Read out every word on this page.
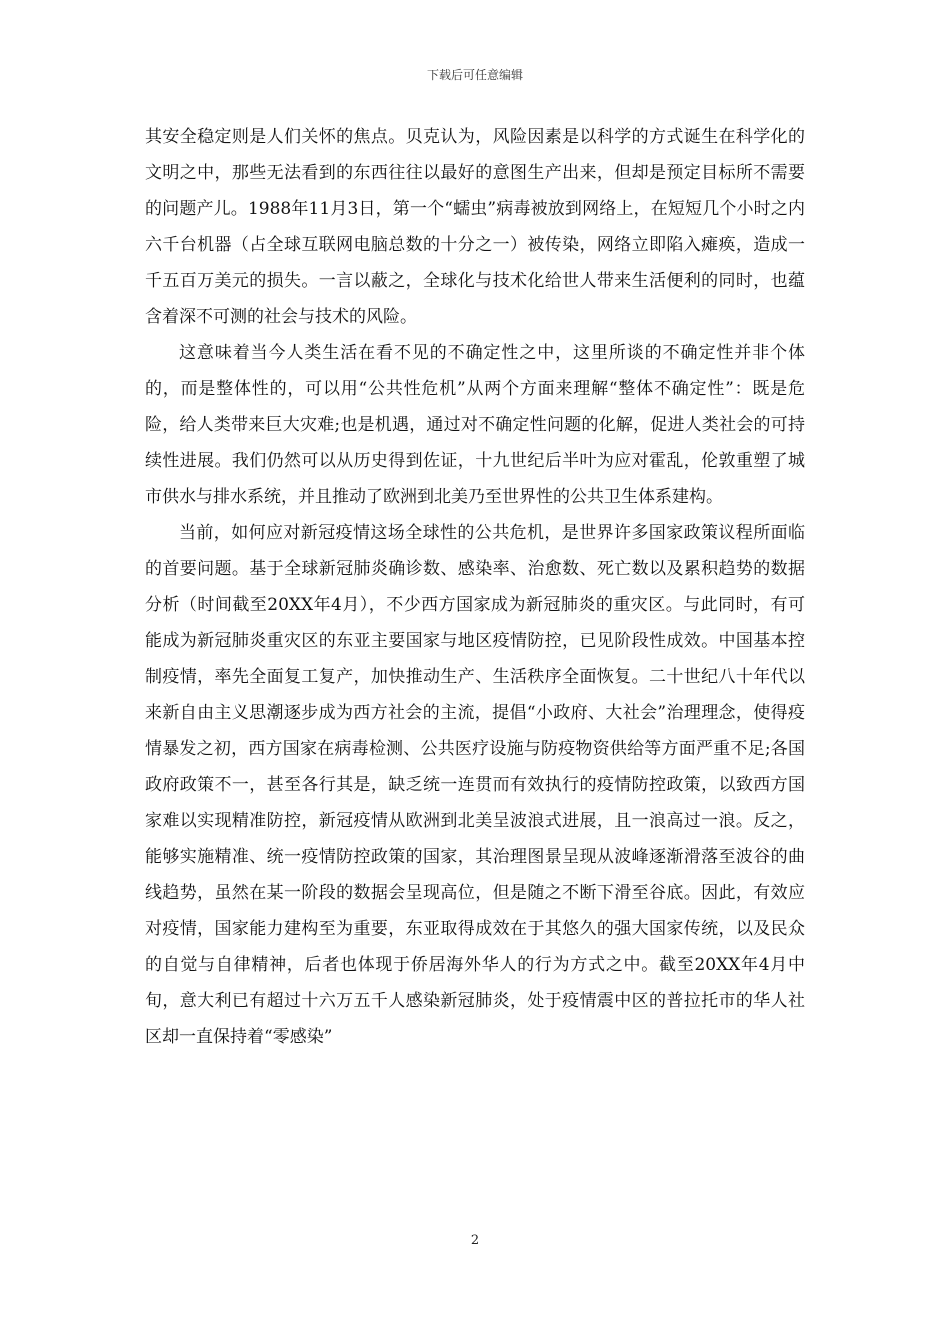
下载后可任意编辑

其安全稳定则是人们关怀的焦点。贝克认为，风险因素是以科学的方式诞生在科学化的文明之中，那些无法看到的东西往往以最好的意图生产出来，但却是预定目标所不需要的问题产儿。1988年11月3日，第一个“蠕虫”病毒被放到网络上，在短短几个小时之内六千台机器（占全球互联网电脑总数的十分之一）被传染，网络立即陷入瘫痪，造成一千五百万美元的损失。一言以蔽之，全球化与技术化给世人带来生活便利的同时，也蕴含着深不可测的社会与技术的风险。

这意味着当今人类生活在看不见的不确定性之中，这里所谈的不确定性并非个体的，而是整体性的，可以用“公共性危机”从两个方面来理解“整体不确定性”：既是危险，给人类带来巨大灾难;也是机遇，通过对不确定性问题的化解，促进人类社会的可持续性进展。我们仍然可以从历史得到佐证，十九世纪后半叶为应对霍乱，伦敦重塑了城市供水与排水系统，并且推动了欧洲到北美乃至世界性的公共卫生体系建构。

当前，如何应对新冠疫情这场全球性的公共危机，是世界许多国家政策议程所面临的首要问题。基于全球新冠肺炎确诊数、感染率、治愈数、死亡数以及累积趋势的数据分析（时间截至20XX年4月），不少西方国家成为新冠肺炎的重灾区。与此同时，有可能成为新冠肺炎重灾区的东亚主要国家与地区疫情防控，已见阶段性成效。中国基本控制疫情，率先全面复工复产，加快推动生产、生活秩序全面恢复。二十世纪八十年代以来新自由主义思潮逐步成为西方社会的主流，提倡“小政府、大社会”治理理念，使得疫情暴发之初，西方国家在病毒检测、公共医疗设施与防疫物资供给等方面严重不足;各国政府政策不一，甚至各行其是，缺乏统一连贯而有效执行的疫情防控政策，以致西方国家难以实现精准防控，新冠疫情从欧洲到北美呈波浪式进展，且一浪高过一浪。反之，能够实施精准、统一疫情防控政策的国家，其治理图景呈现从波峰逐渐滑落至波谷的曲线趋势，虽然在某一阶段的数据会呈现高位，但是随之不断下滑至谷底。因此，有效应对疫情，国家能力建构至为重要，东亚取得成效在于其悠久的强大国家传统，以及民众的自觉与自律精神，后者也体现于侨居海外华人的行为方式之中。截至20XX年4月中旬，意大利已有超过十六万五千人感染新冠肺炎，处于疫情震中区的普拉托市的华人社区却一直保持着“零感染”

2
